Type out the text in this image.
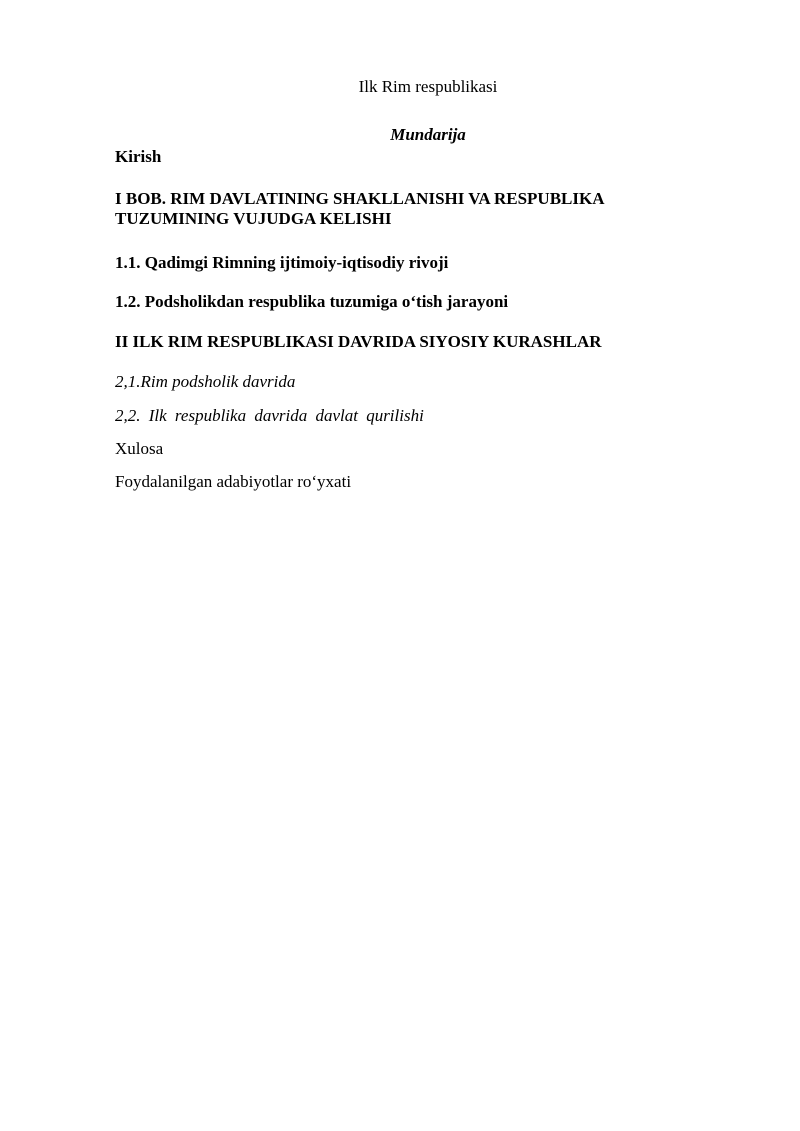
Ilk Rim respublikasi
Mundarija

Kirish

I BOB. RIM DAVLATINING SHAKLLANISHI VA RESPUBLIKA TUZUMINING VUJUDGA KELISHI

1.1. Qadimgi Rimning ijtimoiy-iqtisodiy rivoji

1.2. Podsholikdan respublika tuzumiga o‘tish jarayoni

II ILK RIM RESPUBLIKASI DAVRIDA SIYOSIY KURASHLAR

2,1.Rim podsholik davrida

2,2. Ilk respublika davrida davlat qurilishi

Xulosa

Foydalanilgan adabiyotlar ro‘yxati
